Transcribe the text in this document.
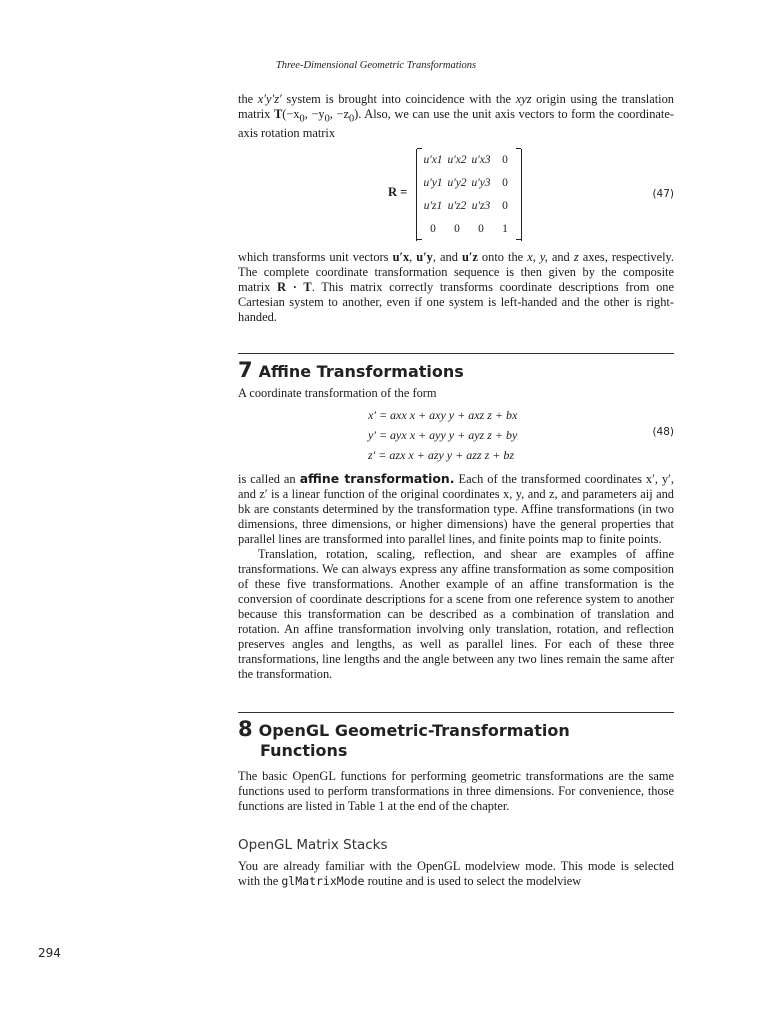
Three-Dimensional Geometric Transformations

the x′y′z′ system is brought into coincidence with the xyz origin using the translation matrix $T(-x_0$, $-y_0$, $-z_0$). Also, we can use the unit axis vectors to form the coordinate-axis rotation matrix

R =
u′x1 u′x2 u′x3	0
u′y1 u′y2 u′y3	0
u′z1 u′z2 u′z3	0
0	0	0	1
(47)

which transforms unit vectors u′x, u′y, and u′z onto the x, y, and z axes, respectively. The complete coordinate transformation sequence is then given by the composite matrix R · T. This matrix correctly transforms coordinate descriptions from one Cartesian system to another, even if one system is left-handed and the other is right-handed.

7 Affine Transformations

A coordinate transformation of the form

x′ = axx x + axy y + axz z + bx
y′ = ayx x + ayy y + ayz z + by
z′ = azx x + azy y + azz z + bz
(48)

is called an affine transformation. Each of the transformed coordinates x′, y′, and z′ is a linear function of the original coordinates x, y, and z, and parameters aij and bk are constants determined by the transformation type. Affine transformations (in two dimensions, three dimensions, or higher dimensions) have the general properties that parallel lines are transformed into parallel lines, and finite points map to finite points.

Translation, rotation, scaling, reflection, and shear are examples of affine transformations. We can always express any affine transformation as some composition of these five transformations. Another example of an affine transformation is the conversion of coordinate descriptions for a scene from one reference system to another because this transformation can be described as a combination of translation and rotation. An affine transformation involving only translation, rotation, and reflection preserves angles and lengths, as well as parallel lines. For each of these three transformations, line lengths and the angle between any two lines remain the same after the transformation.

8 OpenGL Geometric-Transformation
Functions

The basic OpenGL functions for performing geometric transformations are the same functions used to perform transformations in three dimensions. For convenience, those functions are listed in Table 1 at the end of the chapter.

OpenGL Matrix Stacks

You are already familiar with the OpenGL modelview mode. This mode is selected with the glMatrixMode routine and is used to select the modelview

294
